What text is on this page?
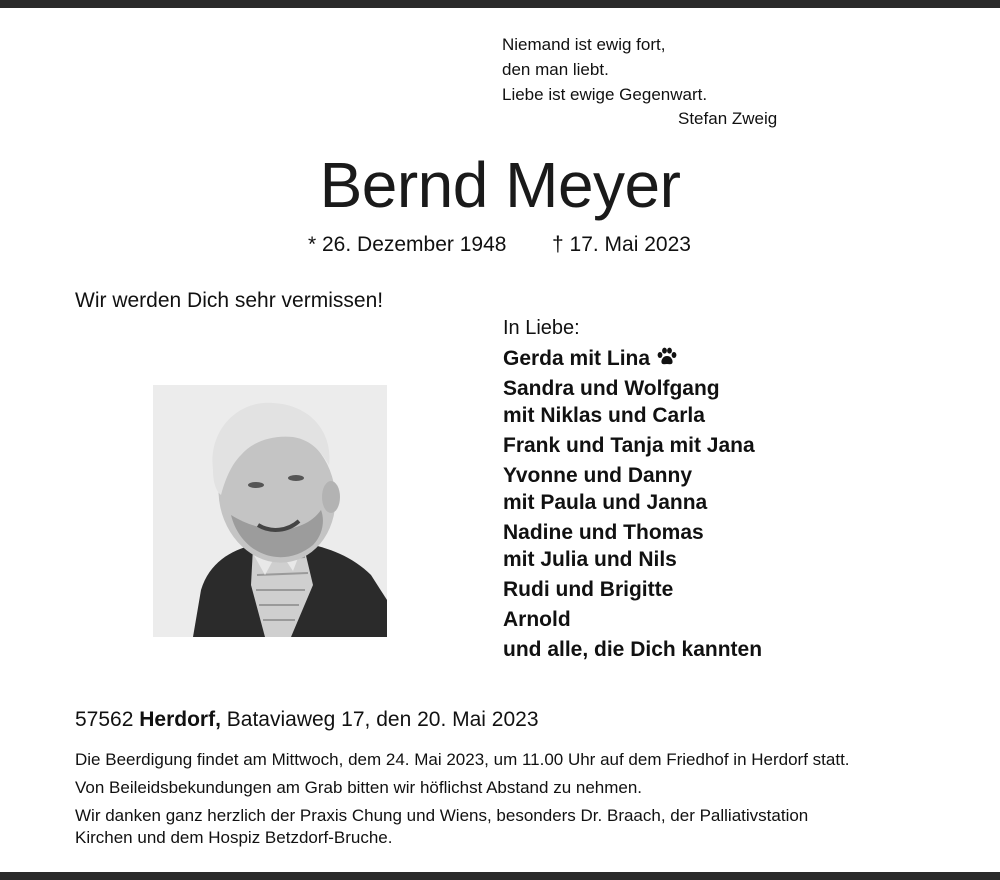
Niemand ist ewig fort,
den man liebt.
Liebe ist ewige Gegenwart.
Stefan Zweig
Bernd Meyer
* 26. Dezember 1948 † 17. Mai 2023
Wir werden Dich sehr vermissen!
In Liebe:
Gerda mit Lina
Sandra und Wolfgang
mit Niklas und Carla
Frank und Tanja mit Jana
Yvonne und Danny
mit Paula und Janna
Nadine und Thomas
mit Julia und Nils
Rudi und Brigitte
Arnold
und alle, die Dich kannten
57562 Herdorf, Bataviaweg 17, den 20. Mai 2023

Die Beerdigung findet am Mittwoch, dem 24. Mai 2023, um 11.00 Uhr auf dem Friedhof in Herdorf statt.

Von Beileidsbekundungen am Grab bitten wir höflichst Abstand zu nehmen.

Wir danken ganz herzlich der Praxis Chung und Wiens, besonders Dr. Braach, der Palliativstation
Kirchen und dem Hospiz Betzdorf-Bruche.
